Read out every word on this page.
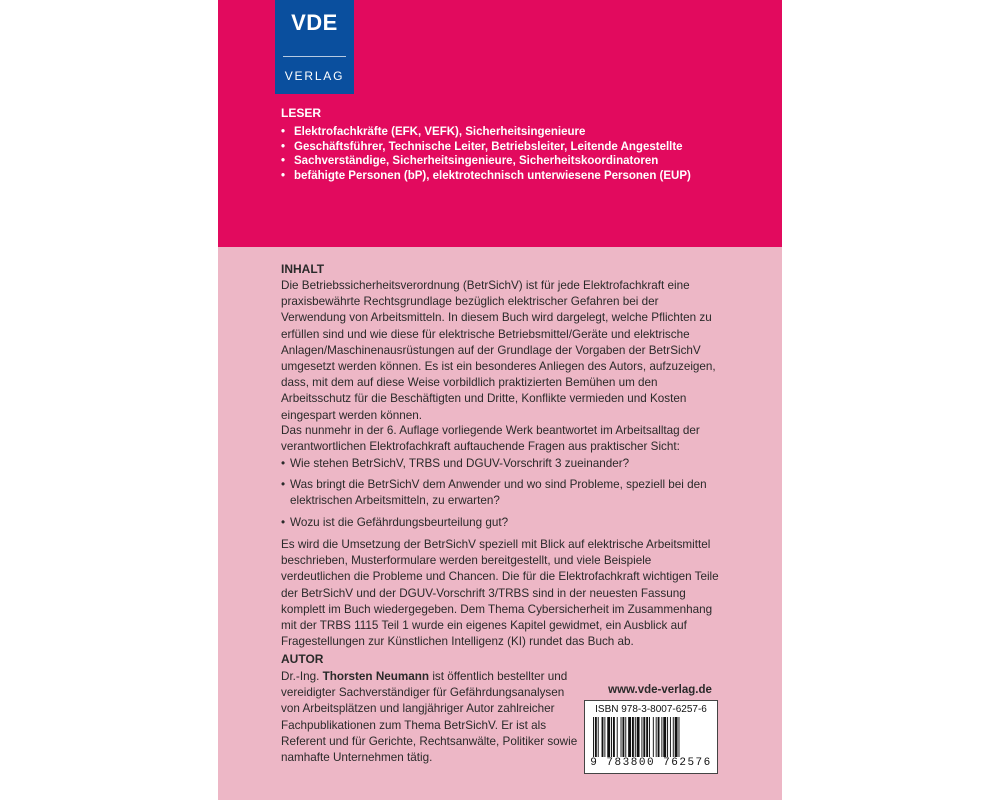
VDE
VERLAG
LESER
• Elektrofachkräfte (EFK, VEFK), Sicherheitsingenieure
• Geschäftsführer, Technische Leiter, Betriebsleiter, Leitende Angestellte
• Sachverständige, Sicherheitsingenieure, Sicherheitskoordinatoren
• befähigte Personen (bP), elektrotechnisch unterwiesene Personen (EUP)
INHALT

Die Betriebssicherheitsverordnung (BetrSichV) ist für jede Elektrofachkraft eine praxisbewährte Rechtsgrundlage bezüglich elektrischer Gefahren bei der Verwendung von Arbeitsmitteln. In diesem Buch wird dargelegt, welche Pflichten zu erfüllen sind und wie diese für elektrische Betriebsmittel/Geräte und elektrische Anlagen/Maschinenausrüstungen auf der Grundlage der Vorgaben der BetrSichV umgesetzt werden können. Es ist ein besonderes Anliegen des Autors, aufzuzeigen, dass, mit dem auf diese Weise vorbildlich praktizierten Bemühen um den Arbeitsschutz für die Beschäftigten und Dritte, Konflikte vermieden und Kosten eingespart werden können.

Das nunmehr in der 6. Auflage vorliegende Werk beantwortet im Arbeitsalltag der verantwortlichen Elektrofachkraft auftauchende Fragen aus praktischer Sicht:

• Wie stehen BetrSichV, TRBS und DGUV-Vorschrift 3 zueinander?
• Was bringt die BetrSichV dem Anwender und wo sind Probleme, speziell bei den elektrischen Arbeitsmitteln, zu erwarten?
• Wozu ist die Gefährdungsbeurteilung gut?

Es wird die Umsetzung der BetrSichV speziell mit Blick auf elektrische Arbeitsmittel beschrieben, Musterformulare werden bereitgestellt, und viele Beispiele verdeutlichen die Probleme und Chancen. Die für die Elektrofachkraft wichtigen Teile der BetrSichV und der DGUV-Vorschrift 3/TRBS sind in der neuesten Fassung komplett im Buch wiedergegeben. Dem Thema Cybersicherheit im Zusammenhang mit der TRBS 1115 Teil 1 wurde ein eigenes Kapitel gewidmet, ein Ausblick auf Fragestellungen zur Künstlichen Intelligenz (KI) rundet das Buch ab.

AUTOR

Dr.-Ing. Thorsten Neumann ist öffentlich bestellter und vereidigter Sachverständiger für Gefährdungsanalysen von Arbeitsplätzen und langjähriger Autor zahlreicher Fachpublikationen zum Thema BetrSichV. Er ist als Referent und für Gerichte, Rechtsanwälte, Politiker sowie namhafte Unternehmen tätig.

www.vde-verlag.de
ISBN 978-3-8007-6257-6
9 783800 762576
